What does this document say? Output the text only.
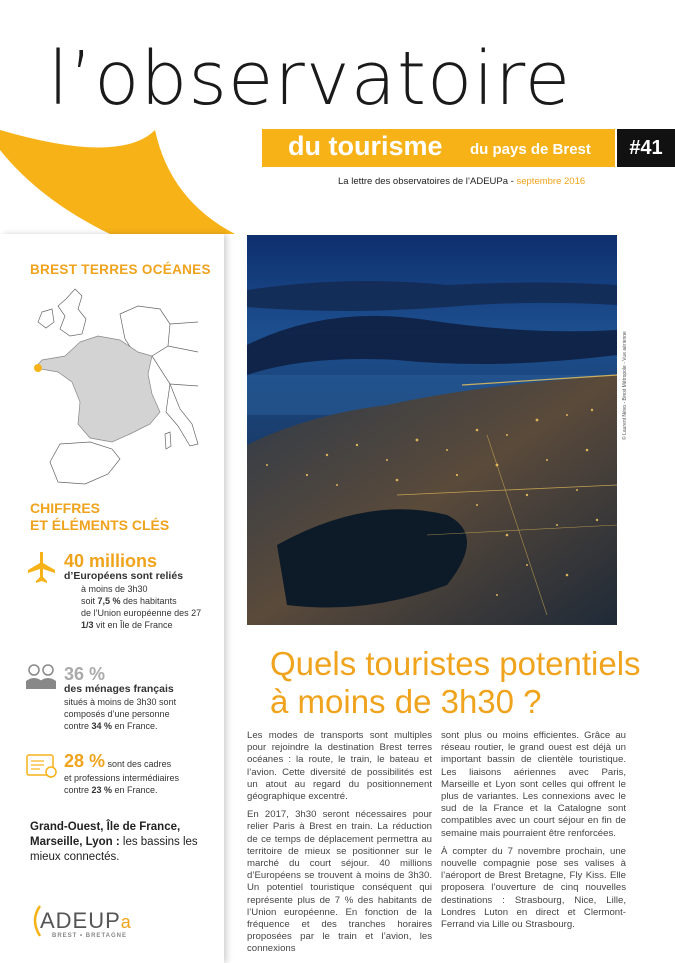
l’observatoire
du tourisme du pays de Brest	#41
La lettre des observatoires de l’ADEUPa - septembre 2016
BREST TERRES OCÉANES
CHIFFRES
ET ÉLÉMENTS CLÉS
40 millions
d’Européens sont reliés
à moins de 3h30
soit 7,5 % des habitants
de l’Union européenne des 27
1/3 vit en Île de France
36 %
des ménages français
situés à moins de 3h30 sont
composés d’une personne
contre 34 % en France.
28 % sont des cadres
et professions intermédiaires
contre 23 % en France.
Grand-Ouest, Île de France, Marseille, Lyon : les bassins les mieux connectés.
ADEUPa
BREST • BRETAGNE
© Laurent Névo - Brest Métropole - Vue aérienne
Quels touristes potentiels
à moins de 3h30 ?

Les modes de transports sont multiples pour rejoindre la destination Brest terres océanes : la route, le train, le bateau et l’avion. Cette diversité de possibilités est un atout au regard du positionnement géographique excentré.

En 2017, 3h30 seront nécessaires pour relier Paris à Brest en train. La réduction de ce temps de déplacement permettra au territoire de mieux se positionner sur le marché du court séjour. 40 millions d’Européens se trouvent à moins de 3h30. Un potentiel touristique conséquent qui représente plus de 7 % des habitants de l’Union européenne. En fonction de la fréquence et des tranches horaires proposées par le train et l’avion, les connexions

sont plus ou moins efficientes. Grâce au réseau routier, le grand ouest est déjà un important bassin de clientèle touristique. Les liaisons aériennes avec Paris, Marseille et Lyon sont celles qui offrent le plus de variantes. Les connexions avec le sud de la France et la Catalogne sont compatibles avec un court séjour en fin de semaine mais pourraient être renforcées.

À compter du 7 novembre prochain, une nouvelle compagnie pose ses valises à l’aéroport de Brest Bretagne, Fly Kiss. Elle proposera l’ouverture de cinq nouvelles destinations : Strasbourg, Nice, Lille, Londres Luton en direct et Clermont-Ferrand via Lille ou Strasbourg.
